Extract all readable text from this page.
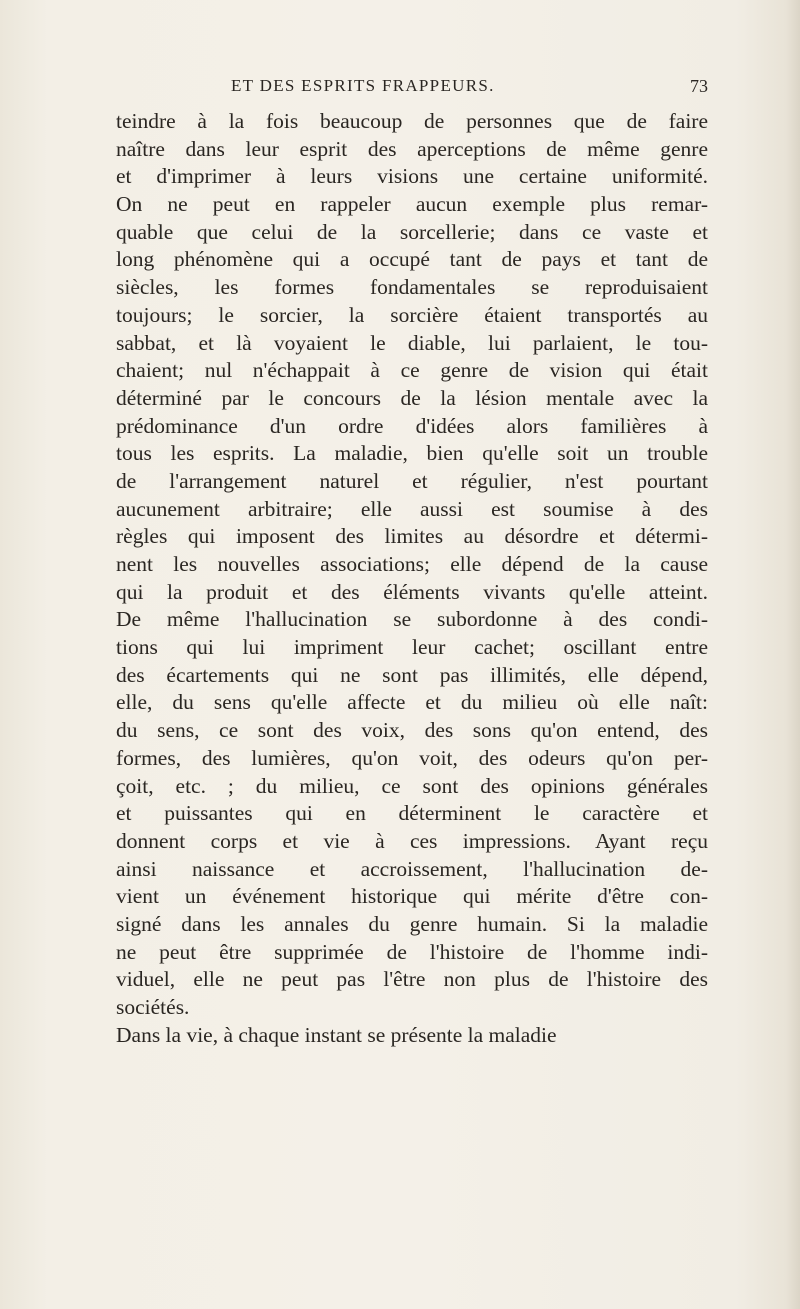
ET DES ESPRITS FRAPPEURS.	73
teindre à la fois beaucoup de personnes que de faire
naître dans leur esprit des aperceptions de même genre
et d'imprimer à leurs visions une certaine uniformité.
On ne peut en rappeler aucun exemple plus remar-
quable que celui de la sorcellerie; dans ce vaste et
long phénomène qui a occupé tant de pays et tant de
siècles, les formes fondamentales se reproduisaient
toujours; le sorcier, la sorcière étaient transportés au
sabbat, et là voyaient le diable, lui parlaient, le tou-
chaient; nul n'échappait à ce genre de vision qui était
déterminé par le concours de la lésion mentale avec la
prédominance d'un ordre d'idées alors familières à
tous les esprits. La maladie, bien qu'elle soit un trouble
de l'arrangement naturel et régulier, n'est pourtant
aucunement arbitraire; elle aussi est soumise à des
règles qui imposent des limites au désordre et détermi-
nent les nouvelles associations; elle dépend de la cause
qui la produit et des éléments vivants qu'elle atteint.
De même l'hallucination se subordonne à des condi-
tions qui lui impriment leur cachet; oscillant entre
des écartements qui ne sont pas illimités, elle dépend,
elle, du sens qu'elle affecte et du milieu où elle naît:
du sens, ce sont des voix, des sons qu'on entend, des
formes, des lumières, qu'on voit, des odeurs qu'on per-
çoit, etc. ; du milieu, ce sont des opinions générales
et puissantes qui en déterminent le caractère et
donnent corps et vie à ces impressions. Ayant reçu
ainsi naissance et accroissement, l'hallucination de-
vient un événement historique qui mérite d'être con-
signé dans les annales du genre humain. Si la maladie
ne peut être supprimée de l'histoire de l'homme indi-
viduel, elle ne peut pas l'être non plus de l'histoire des
sociétés.
Dans la vie, à chaque instant se présente la maladie
